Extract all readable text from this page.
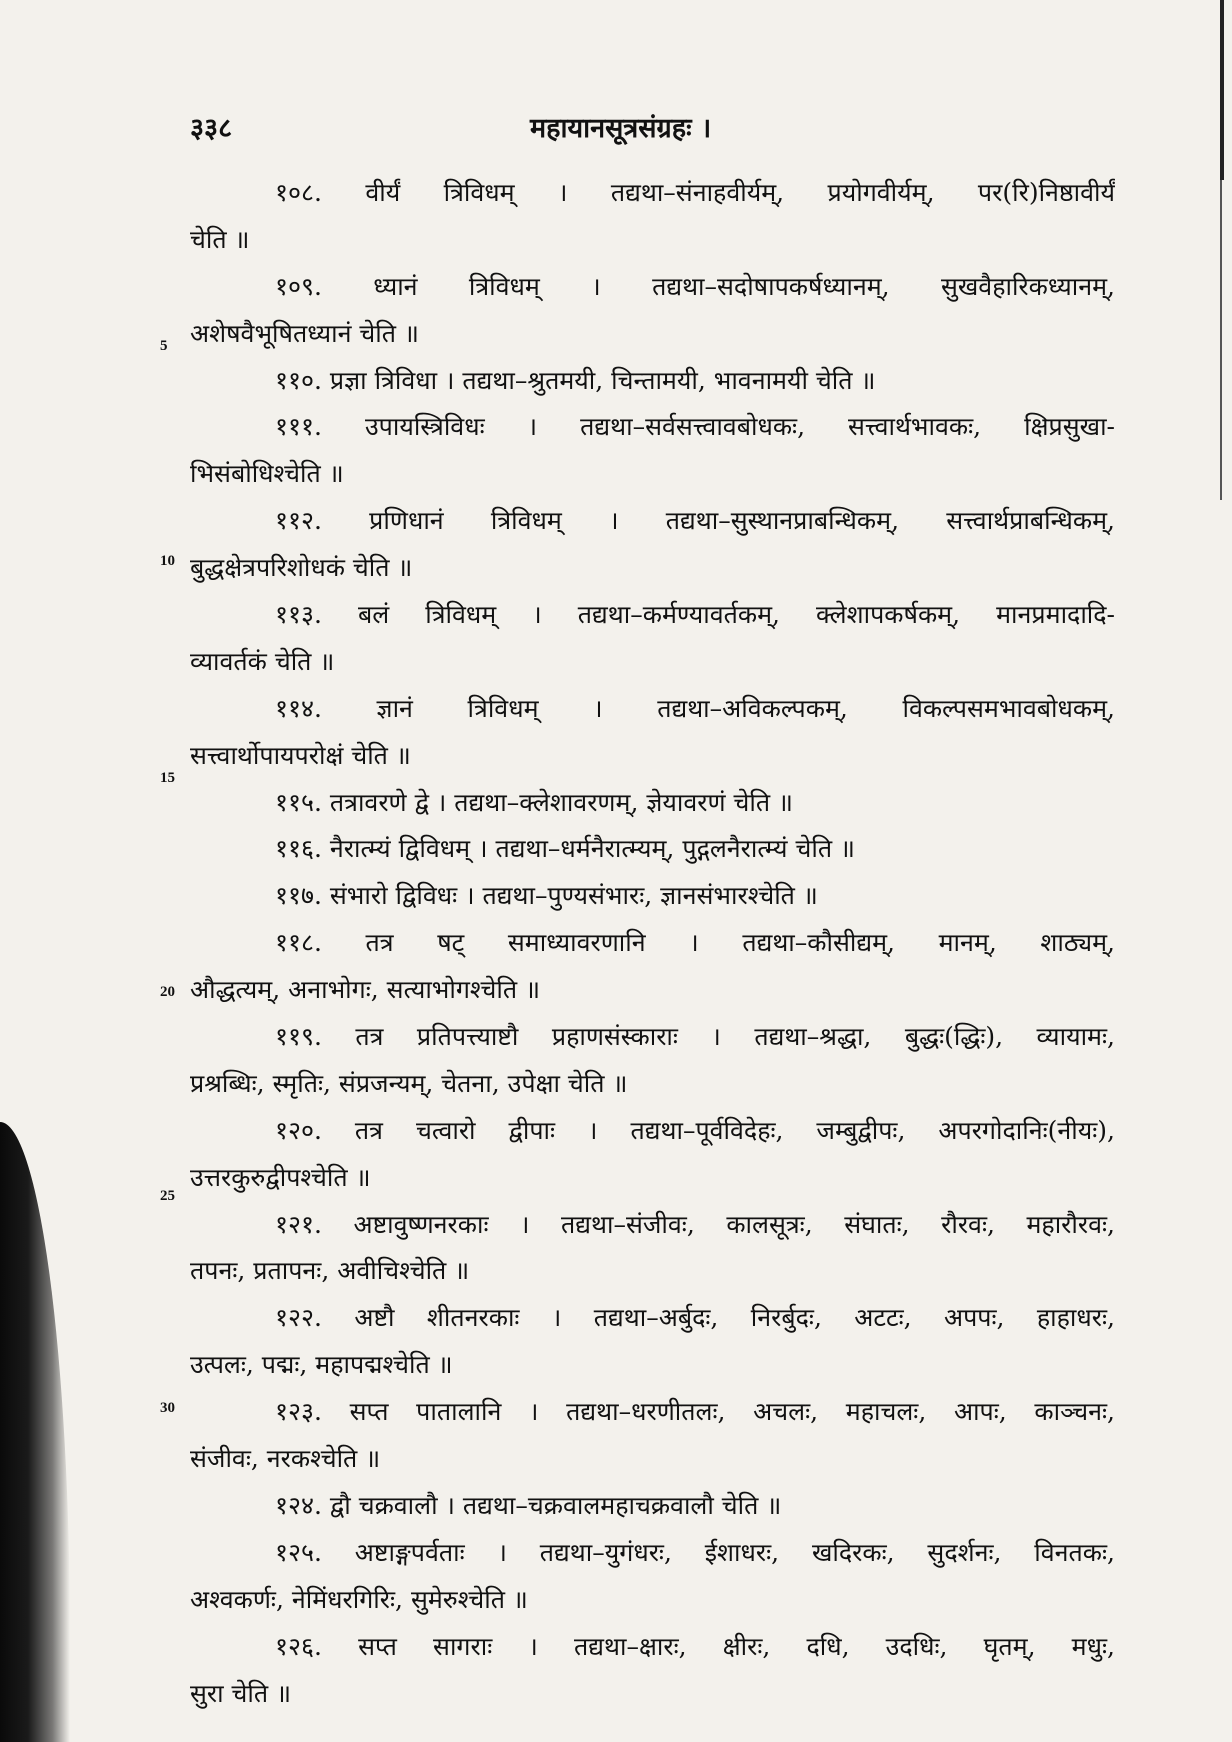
३३८	महायानसूत्रसंग्रहः ।
5
10
15
20
25
30
१०८. वीर्यं त्रिविधम् । तद्यथा–संनाहवीर्यम्, प्रयोगवीर्यम्, पर(रि)निष्ठावीर्यं
चेति ॥
१०९. ध्यानं त्रिविधम् । तद्यथा–सदोषापकर्षध्यानम्, सुखवैहारिकध्यानम्,
अशेषवैभूषितध्यानं चेति ॥
११०. प्रज्ञा त्रिविधा । तद्यथा–श्रुतमयी, चिन्तामयी, भावनामयी चेति ॥
१११. उपायस्त्रिविधः । तद्यथा–सर्वसत्त्वावबोधकः, सत्त्वार्थभावकः, क्षिप्रसुखा-
भिसंबोधिश्चेति ॥
११२. प्रणिधानं त्रिविधम् । तद्यथा–सुस्थानप्राबन्धिकम्, सत्त्वार्थप्राबन्धिकम्,
बुद्धक्षेत्रपरिशोधकं चेति ॥
११३. बलं त्रिविधम् । तद्यथा–कर्मण्यावर्तकम्, क्लेशापकर्षकम्, मानप्रमादादि-
व्यावर्तकं चेति ॥
११४. ज्ञानं त्रिविधम् । तद्यथा–अविकल्पकम्, विकल्पसमभावबोधकम्,
सत्त्वार्थोपायपरोक्षं चेति ॥
११५. तत्रावरणे द्वे । तद्यथा–क्लेशावरणम्, ज्ञेयावरणं चेति ॥
११६. नैरात्म्यं द्विविधम् । तद्यथा–धर्मनैरात्म्यम्, पुद्गलनैरात्म्यं चेति ॥
११७. संभारो द्विविधः । तद्यथा–पुण्यसंभारः, ज्ञानसंभारश्चेति ॥
११८. तत्र षट् समाध्यावरणानि । तद्यथा–कौसीद्यम्, मानम्, शाठ्यम्,
औद्धत्यम्, अनाभोगः, सत्याभोगश्चेति ॥
११९. तत्र प्रतिपत्त्याष्टौ प्रहाणसंस्काराः । तद्यथा–श्रद्धा, बुद्धः(द्धिः), व्यायामः,
प्रश्रब्धिः, स्मृतिः, संप्रजन्यम्, चेतना, उपेक्षा चेति ॥
१२०. तत्र चत्वारो द्वीपाः । तद्यथा–पूर्वविदेहः, जम्बुद्वीपः, अपरगोदानिः(नीयः),
उत्तरकुरुद्वीपश्चेति ॥
१२१. अष्टावुष्णनरकाः । तद्यथा–संजीवः, कालसूत्रः, संघातः, रौरवः, महारौरवः,
तपनः, प्रतापनः, अवीचिश्चेति ॥
१२२. अष्टौ शीतनरकाः । तद्यथा–अर्बुदः, निरर्बुदः, अटटः, अपपः, हाहाधरः,
उत्पलः, पद्मः, महापद्मश्चेति ॥
१२३. सप्त पातालानि । तद्यथा–धरणीतलः, अचलः, महाचलः, आपः, काञ्चनः,
संजीवः, नरकश्चेति ॥
१२४. द्वौ चक्रवालौ । तद्यथा–चक्रवालमहाचक्रवालौ चेति ॥
१२५. अष्टाङ्गपर्वताः । तद्यथा–युगंधरः, ईशाधरः, खदिरकः, सुदर्शनः, विनतकः,
अश्वकर्णः, नेमिंधरगिरिः, सुमेरुश्चेति ॥
१२६. सप्त सागराः । तद्यथा–क्षारः, क्षीरः, दधि, उदधिः, घृतम्, मधुः,
सुरा चेति ॥
